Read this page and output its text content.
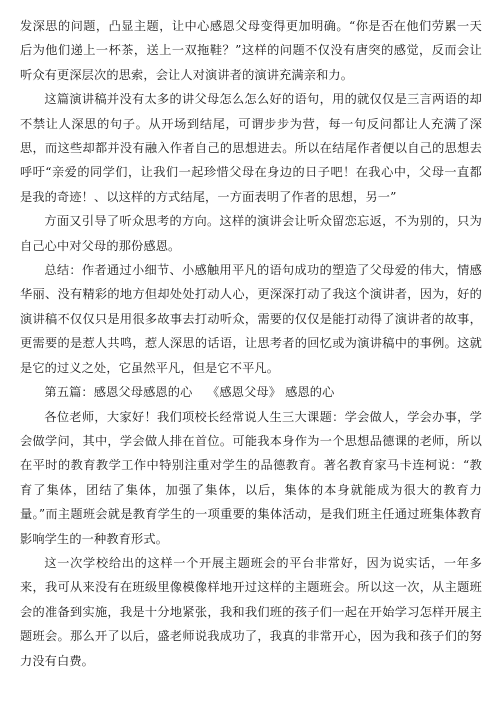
发深思的问题，凸显主题，让中心感恩父母变得更加明确。“你是否在他们劳累一天后为他们递上一杯茶，送上一双拖鞋？”这样的问题不仅没有唐突的感觉，反而会让听众有更深层次的思索，会让人对演讲者的演讲充满亲和力。

这篇演讲稿并没有太多的讲父母怎么怎么好的语句，用的就仅仅是三言两语的却不禁让人深思的句子。从开场到结尾，可谓步步为营，每一句反问都让人充满了深思，而这些却都并没有融入作者自己的思想进去。所以在结尾作者便以自己的思想去呼吁“亲爱的同学们，让我们一起珍惜父母在身边的日子吧！在我心中，父母一直都是我的奇迹！、以这样的方式结尾，一方面表明了作者的思想，另一”

方面又引导了听众思考的方向。这样的演讲会让听众留恋忘返，不为别的，只为自己心中对父母的那份感恩。

总结：作者通过小细节、小感触用平凡的语句成功的塑造了父母爱的伟大，情感华丽、没有精彩的地方但却处处打动人心，更深深打动了我这个演讲者，因为，好的演讲稿不仅仅只是用很多故事去打动听众，需要的仅仅是能打动得了演讲者的故事，更需要的是惹人共鸣，惹人深思的话语，让思考者的回忆或为演讲稿中的事例。这就是它的过义之处，它虽然平凡，但是它不平凡。

第五篇：感恩父母感恩的心 《感恩父母》 感恩的心

各位老师，大家好！我们项校长经常说人生三大课题：学会做人，学会办事，学会做学问，其中，学会做人排在首位。可能我本身作为一个思想品德课的老师，所以在平时的教育教学工作中特别注重对学生的品德教育。著名教育家马卡连柯说：“教育了集体，团结了集体，加强了集体，以后，集体的本身就能成为很大的教育力量。”而主题班会就是教育学生的一项重要的集体活动，是我们班主任通过班集体教育影响学生的一种教育形式。

这一次学校给出的这样一个开展主题班会的平台非常好，因为说实话，一年多来，我可从来没有在班级里像模像样地开过这样的主题班会。所以这一次，从主题班会的准备到实施，我是十分地紧张，我和我们班的孩子们一起在开始学习怎样开展主题班会。那么开了以后，盛老师说我成功了，我真的非常开心，因为我和孩子们的努力没有白费。
